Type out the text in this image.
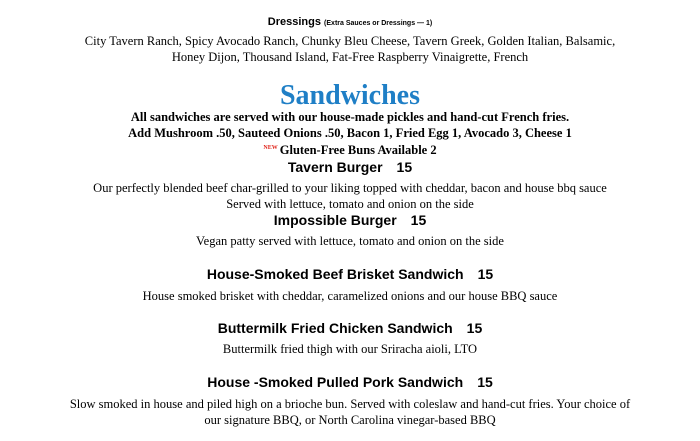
Dressings (Extra Sauces or Dressings — 1)
City Tavern Ranch, Spicy Avocado Ranch, Chunky Bleu Cheese, Tavern Greek, Golden Italian, Balsamic,
Honey Dijon, Thousand Island, Fat-Free Raspberry Vinaigrette, French
Sandwiches
All sandwiches are served with our house-made pickles and hand-cut French fries.
Add Mushroom .50, Sauteed Onions .50, Bacon 1, Fried Egg 1, Avocado 3, Cheese 1
$^{NEW}$ Gluten-Free Buns Available 2
Tavern Burger 15
Our perfectly blended beef char-grilled to your liking topped with cheddar, bacon and house bbq sauce
Served with lettuce, tomato and onion on the side
Impossible Burger 15
Vegan patty served with lettuce, tomato and onion on the side
House-Smoked Beef Brisket Sandwich 15
House smoked brisket with cheddar, caramelized onions and our house BBQ sauce
Buttermilk Fried Chicken Sandwich 15
Buttermilk fried thigh with our Sriracha aioli, LTO
House -Smoked Pulled Pork Sandwich 15
Slow smoked in house and piled high on a brioche bun. Served with coleslaw and hand-cut fries. Your choice of
our signature BBQ, or North Carolina vinegar-based BBQ
